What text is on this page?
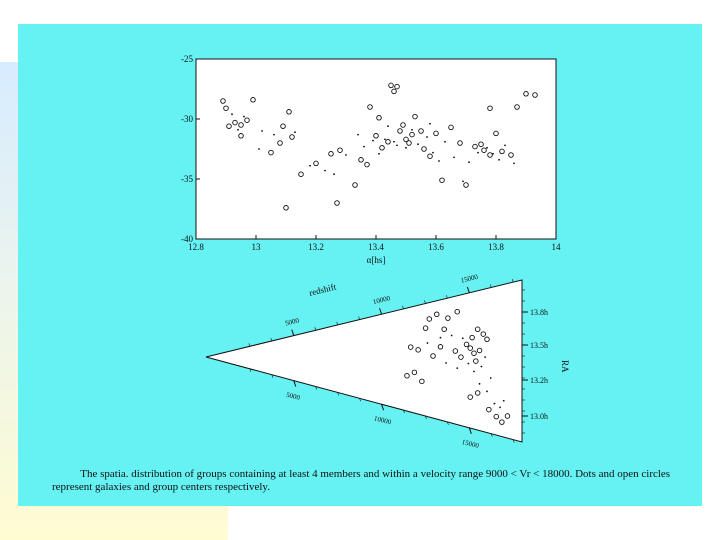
12.8	13	13.2	13.4	13.6	13.8	14
-25
-30
-35
-40
α[hs]
5000
5000
10000
10000
15000
15000
13.8h
13.5h
13.2h
13.0h
redshift
RA
Fig. 1 The spatia. distribution of groups containing at least 4 members and within a velocity range 9000 < Vr < 18000. Dots and open circles represent galaxies and group centers respectively.
